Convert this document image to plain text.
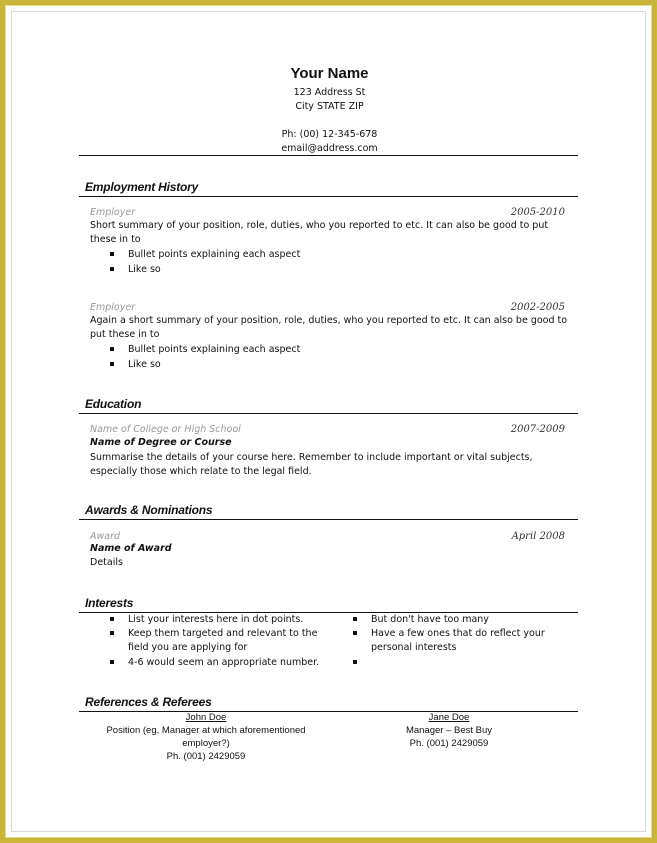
Your Name
123 Address St
City STATE ZIP
Ph: (00) 12-345-678
email@address.com
Employment History
Employer	2005-2010
Short summary of your position, role, duties, who you reported to etc. It can also be good to put
these in to
Bullet points explaining each aspect
Like so
Employer	2002-2005
Again a short summary of your position, role, duties, who you reported to etc. It can also be good to
put these in to
Bullet points explaining each aspect
Like so
Education
Name of College or High School	2007-2009
Name of Degree or Course
Summarise the details of your course here. Remember to include important or vital subjects,
especially those which relate to the legal field.
Awards & Nominations
Award	April 2008
Name of Award
Details
Interests
List your interests here in dot points.
Keep them targeted and relevant to the
field you are applying for
4-6 would seem an appropriate number.
But don't have too many
Have a few ones that do reflect your
personal interests
References & Referees
John Doe
Position (eg, Manager at which aforementioned
employer?)
Ph. (001) 2429059
Jane Doe
Manager – Best Buy
Ph. (001) 2429059
